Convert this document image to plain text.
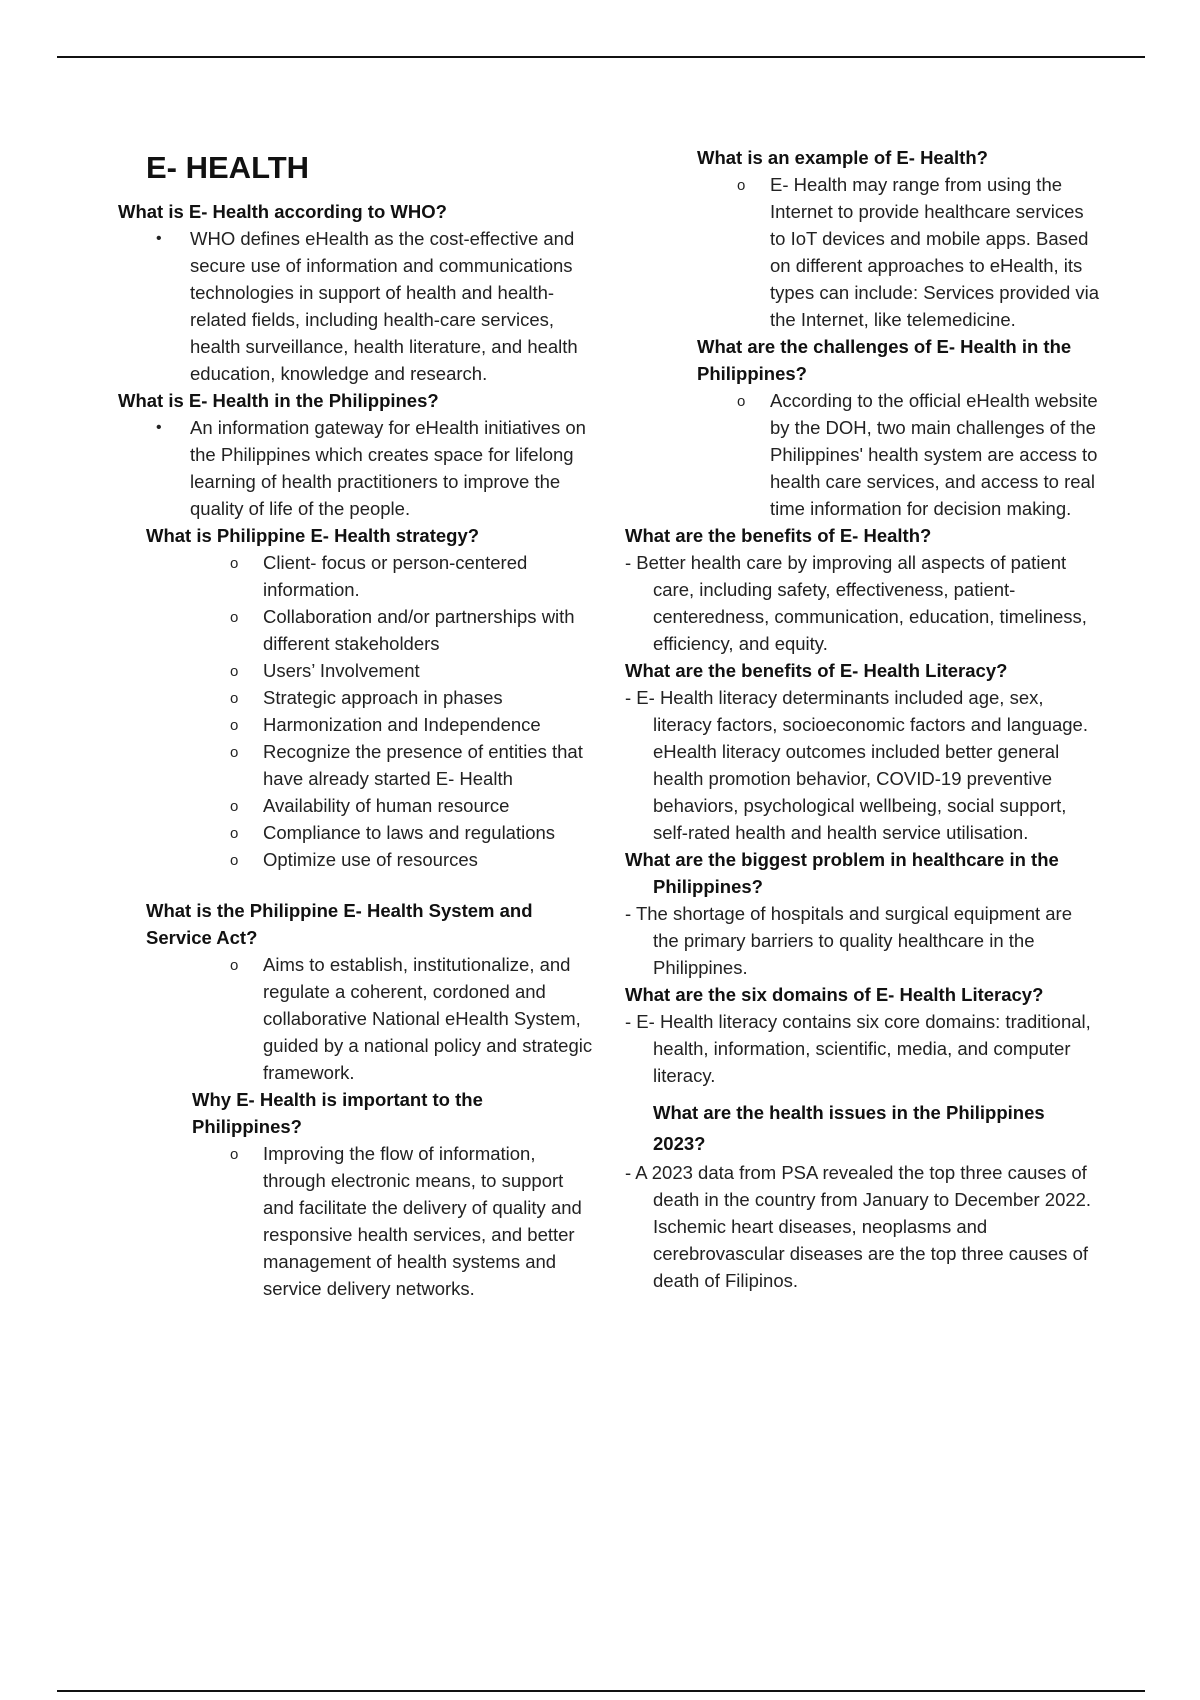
E- HEALTH
What is E- Health according to WHO?
• WHO defines eHealth as the cost-effective and secure use of information and communications technologies in support of health and health-related fields, including health-care services, health surveillance, health literature, and health education, knowledge and research.
What is E- Health in the Philippines?
• An information gateway for eHealth initiatives on the Philippines which creates space for lifelong learning of health practitioners to improve the quality of life of the people.
What is Philippine E- Health strategy?
o Client- focus or person-centered information.
o Collaboration and/or partnerships with different stakeholders
o Users’ Involvement
o Strategic approach in phases
o Harmonization and Independence
o Recognize the presence of entities that have already started E- Health
o Availability of human resource
o Compliance to laws and regulations
o Optimize use of resources
What is the Philippine E- Health System and Service Act?
o Aims to establish, institutionalize, and regulate a coherent, cordoned and collaborative National eHealth System, guided by a national policy and strategic framework.
Why E- Health is important to the Philippines?
o Improving the flow of information, through electronic means, to support and facilitate the delivery of quality and responsive health services, and better management of health systems and service delivery networks.
What is an example of E- Health?
o E- Health may range from using the Internet to provide healthcare services to IoT devices and mobile apps. Based on different approaches to eHealth, its types can include: Services provided via the Internet, like telemedicine.
What are the challenges of E- Health in the Philippines?
o According to the official eHealth website by the DOH, two main challenges of the Philippines' health system are access to health care services, and access to real time information for decision making.
What are the benefits of E- Health?
- Better health care by improving all aspects of patient care, including safety, effectiveness, patient-centeredness, communication, education, timeliness, efficiency, and equity.
What are the benefits of E- Health Literacy?
- E- Health literacy determinants included age, sex, literacy factors, socioeconomic factors and language. eHealth literacy outcomes included better general health promotion behavior, COVID-19 preventive behaviors, psychological wellbeing, social support, self-rated health and health service utilisation.
What are the biggest problem in healthcare in the Philippines?
- The shortage of hospitals and surgical equipment are the primary barriers to quality healthcare in the Philippines.
What are the six domains of E- Health Literacy?
- E- Health literacy contains six core domains: traditional, health, information, scientific, media, and computer literacy.
What are the health issues in the Philippines 2023?
- A 2023 data from PSA revealed the top three causes of death in the country from January to December 2022. Ischemic heart diseases, neoplasms and cerebrovascular diseases are the top three causes of death of Filipinos.
